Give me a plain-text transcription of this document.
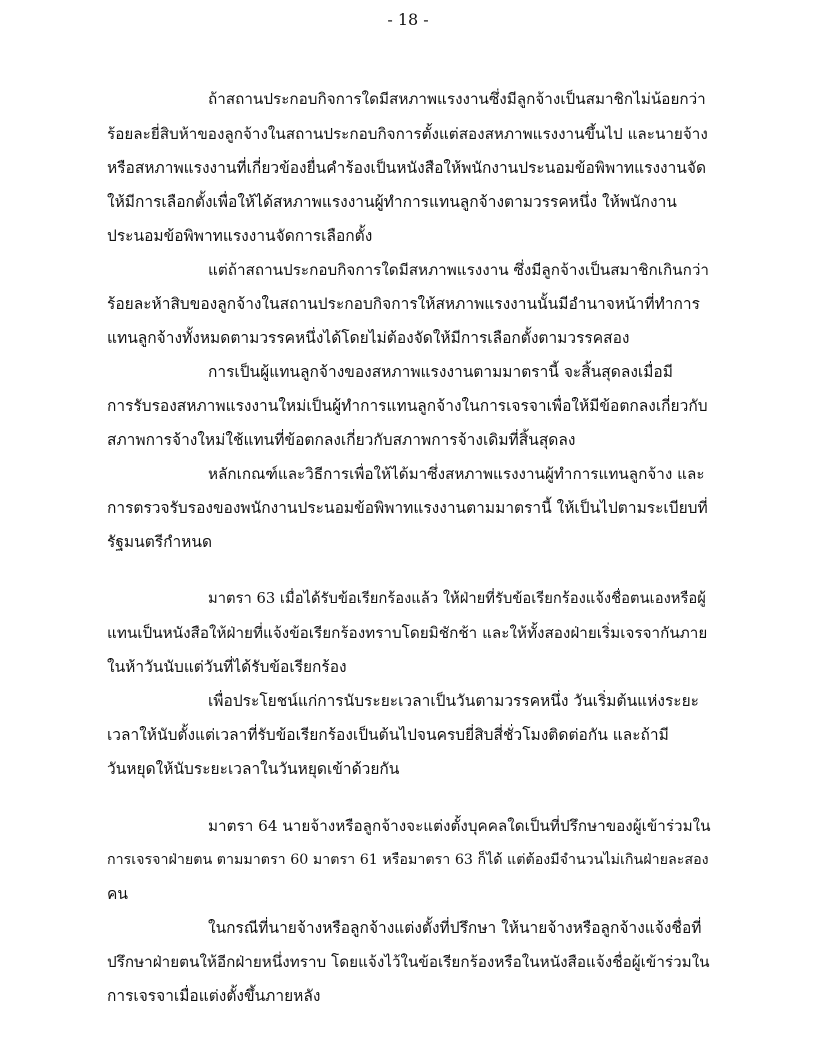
- 18 -
ถ้าสถานประกอบกิจการใดมีสหภาพแรงงานซึ่งมีลูกจ้างเป็นสมาชิกไม่น้อยกว่า
ร้อยละยี่สิบห้าของลูกจ้างในสถานประกอบกิจการตั้งแต่สองสหภาพแรงงานขึ้นไป และนายจ้าง
หรือสหภาพแรงงานที่เกี่ยวข้องยื่นคำร้องเป็นหนังสือให้พนักงานประนอมข้อพิพาทแรงงานจัด
ให้มีการเลือกตั้งเพื่อให้ได้สหภาพแรงงานผู้ทำการแทนลูกจ้างตามวรรคหนึ่ง ให้พนักงาน
ประนอมข้อพิพาทแรงงานจัดการเลือกตั้ง
แต่ถ้าสถานประกอบกิจการใดมีสหภาพแรงงาน ซึ่งมีลูกจ้างเป็นสมาชิกเกินกว่า
ร้อยละห้าสิบของลูกจ้างในสถานประกอบกิจการให้สหภาพแรงงานนั้นมีอำนาจหน้าที่ทำการ
แทนลูกจ้างทั้งหมดตามวรรคหนึ่งได้โดยไม่ต้องจัดให้มีการเลือกตั้งตามวรรคสอง
การเป็นผู้แทนลูกจ้างของสหภาพแรงงานตามมาตรานี้ จะสิ้นสุดลงเมื่อมี
การรับรองสหภาพแรงงานใหม่เป็นผู้ทำการแทนลูกจ้างในการเจรจาเพื่อให้มีข้อตกลงเกี่ยวกับ
สภาพการจ้างใหม่ใช้แทนที่ข้อตกลงเกี่ยวกับสภาพการจ้างเดิมที่สิ้นสุดลง
หลักเกณฑ์และวิธีการเพื่อให้ได้มาซึ่งสหภาพแรงงานผู้ทำการแทนลูกจ้าง และ
การตรวจรับรองของพนักงานประนอมข้อพิพาทแรงงานตามมาตรานี้ ให้เป็นไปตามระเบียบที่
รัฐมนตรีกำหนด
มาตรา 63 เมื่อได้รับข้อเรียกร้องแล้ว ให้ฝ่ายที่รับข้อเรียกร้องแจ้งชื่อตนเองหรือผู้
แทนเป็นหนังสือให้ฝ่ายที่แจ้งข้อเรียกร้องทราบโดยมิชักช้า และให้ทั้งสองฝ่ายเริ่มเจรจากันภาย
ในห้าวันนับแต่วันที่ได้รับข้อเรียกร้อง
เพื่อประโยชน์แก่การนับระยะเวลาเป็นวันตามวรรคหนึ่ง วันเริ่มต้นแห่งระยะ
เวลาให้นับตั้งแต่เวลาที่รับข้อเรียกร้องเป็นต้นไปจนครบยี่สิบสี่ชั่วโมงติดต่อกัน และถ้ามี
วันหยุดให้นับระยะเวลาในวันหยุดเข้าด้วยกัน
มาตรา 64 นายจ้างหรือลูกจ้างจะแต่งตั้งบุคคลใดเป็นที่ปรึกษาของผู้เข้าร่วมใน
การเจรจาฝ่ายตน ตามมาตรา 60 มาตรา 61 หรือมาตรา 63 ก็ได้ แต่ต้องมีจำนวนไม่เกินฝ่ายละสอง
คน
ในกรณีที่นายจ้างหรือลูกจ้างแต่งตั้งที่ปรึกษา ให้นายจ้างหรือลูกจ้างแจ้งชื่อที่
ปรึกษาฝ่ายตนให้อีกฝ่ายหนึ่งทราบ โดยแจ้งไว้ในข้อเรียกร้องหรือในหนังสือแจ้งชื่อผู้เข้าร่วมใน
การเจรจาเมื่อแต่งตั้งขึ้นภายหลัง
